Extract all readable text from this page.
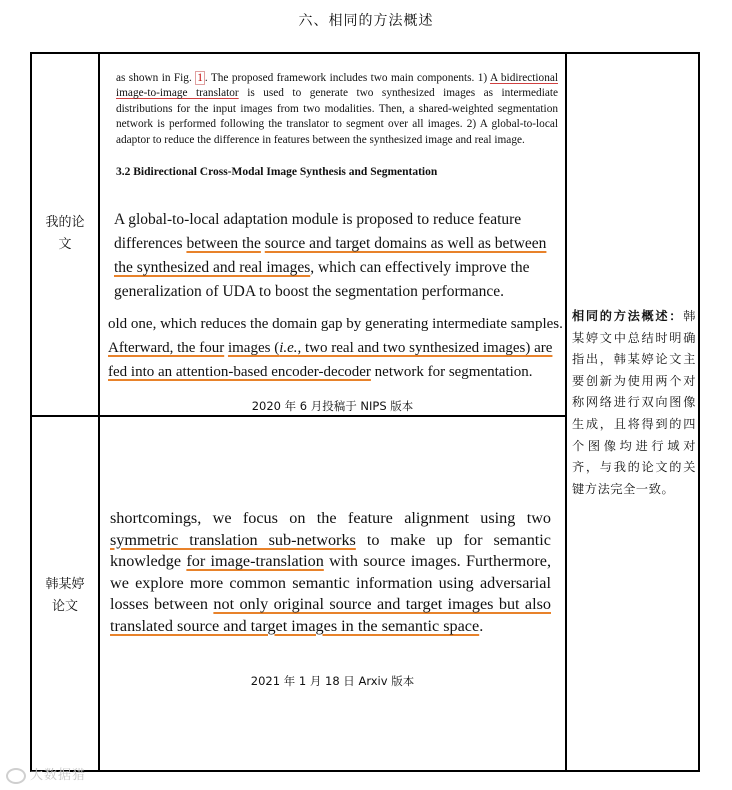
六、相同的方法概述
我的论
文

as shown in Fig. 1 . The proposed framework includes two main components. 1) A bidirectional image-to-image translator is used to generate two synthesized images as intermediate distributions for the input images from two modalities. Then, a shared-weighted segmentation network is performed following the translator to segment over all images. 2) A global-to-local adaptor to reduce the difference in features between the synthesized image and real image.

3.2 Bidirectional Cross-Modal Image Synthesis and Segmentation
A global-to-local adaptation module is proposed to reduce feature differences between the source and target domains as well as between the synthesized and real images, which can effectively improve the generalization of UDA to boost the segmentation performance.
old one, which reduces the domain gap by generating intermediate samples. Afterward, the four images (i.e., two real and two synthesized images) are fed into an attention-based encoder-decoder network for segmentation.
2020 年 6 月投稿于 NIPS 版本
韩某婷
论文
shortcomings, we focus on the feature alignment using two symmetric translation sub-networks to make up for semantic knowledge for image-translation with source images. Furthermore, we explore more common semantic information using adversarial losses between not only original source and target images but also translated source and target images in the semantic space.
2021 年 1 月 18 日 Arxiv 版本
相同的方法概述：韩某婷文中总结时明确指出，韩某婷论文主要创新为使用两个对称网络进行双向图像生成，且将得到的四个图像均进行域对齐，与我的论文的关键方法完全一致。
大数据猎
